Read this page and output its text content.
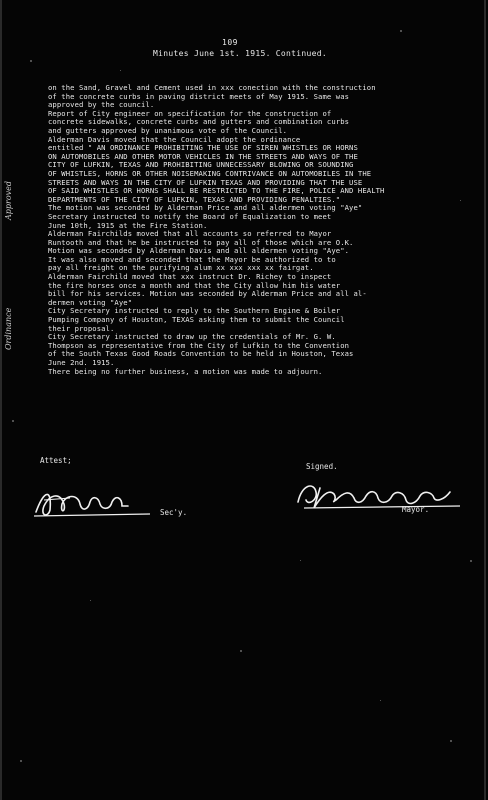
109
Minutes June 1st. 1915. Continued.
Approved
Ordinance
on the Sand, Gravel and Cement used in xxx conection with the construction
of the concrete curbs in paving district meets of May 1915. Same was
approved by the council.
Report of City engineer on specification for the construction of
concrete sidewalks, concrete curbs and gutters and combination curbs
and gutters approved by unanimous vote of the Council.
Alderman Davis moved that the Council adopt the ordinance
entitled " AN ORDINANCE PROHIBITING THE USE OF SIREN WHISTLES OR HORNS
ON AUTOMOBILES AND OTHER MOTOR VEHICLES IN THE STREETS AND WAYS OF THE
CITY OF LUFKIN, TEXAS AND PROHIBITING UNNECESSARY BLOWING OR SOUNDING
OF WHISTLES, HORNS OR OTHER NOISEMAKING CONTRIVANCE ON AUTOMOBILES IN THE
STREETS AND WAYS IN THE CITY OF LUFKIN TEXAS AND PROVIDING THAT THE USE
OF SAID WHISTLES OR HORNS SHALL BE RESTRICTED TO THE FIRE, POLICE AND HEALTH
DEPARTMENTS OF THE CITY OF LUFKIN, TEXAS AND PROVIDING PENALTIES."
The motion was seconded by Alderman Price and all aldermen voting "Aye"
Secretary instructed to notify the Board of Equalization to meet
June 10th, 1915 at the Fire Station.
Alderman Fairchilds moved that all accounts so referred to Mayor
Runtooth and that he be instructed to pay all of those which are O.K.
Motion was seconded by Alderman Davis and all aldermen voting "Aye".
It was also moved and seconded that the Mayor be authorized to to
pay all freight on the purifying alum xx xxx xxx xx fairgat.
Alderman Fairchild moved that xxx instruct Dr. Richey to inspect
the fire horses once a month and that the City allow him his water
bill for his services. Motion was seconded by Alderman Price and all al-
dermen voting "Aye"
City Secretary instructed to reply to the Southern Engine & Boiler
Pumping Company of Houston, TEXAS asking them to submit the Council
their proposal.
City Secretary instructed to draw up the credentials of Mr. G. W.
Thompson as representative from the City of Lufkin to the Convention
of the South Texas Good Roads Convention to be held in Houston, Texas
June 2nd. 1915.
There being no further business, a motion was made to adjourn.
Attest;
Signed.
Sec'y.	Mayor.
